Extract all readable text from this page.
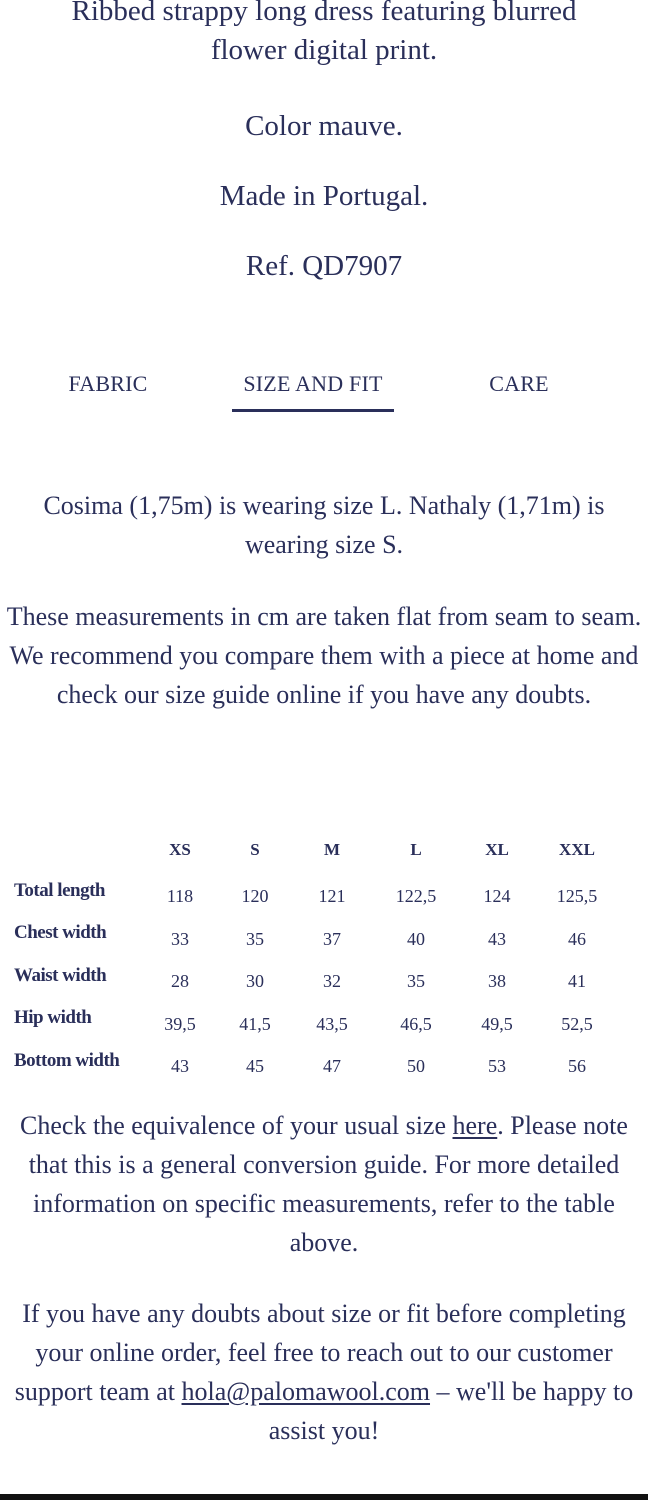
Ribbed strappy long dress featuring blurred flower digital print.
Color mauve.
Made in Portugal.
Ref. QD7907
FABRIC	SIZE AND FIT	CARE
Cosima (1,75m) is wearing size L. Nathaly (1,71m) is wearing size S.
These measurements in cm are taken flat from seam to seam. We recommend you compare them with a piece at home and check our size guide online if you have any doubts.
XS	S	M	L	XL	XXL
Total length	118	120	121	122,5	124	125,5
Chest width	33	35	37	40	43	46
Waist width	28	30	32	35	38	41
Hip width	39,5	41,5	43,5	46,5	49,5	52,5
Bottom width	43	45	47	50	53	56
Check the equivalence of your usual size here. Please note that this is a general conversion guide. For more detailed information on specific measurements, refer to the table above.
If you have any doubts about size or fit before completing your online order, feel free to reach out to our customer support team at hola@palomawool.com – we'll be happy to assist you!
